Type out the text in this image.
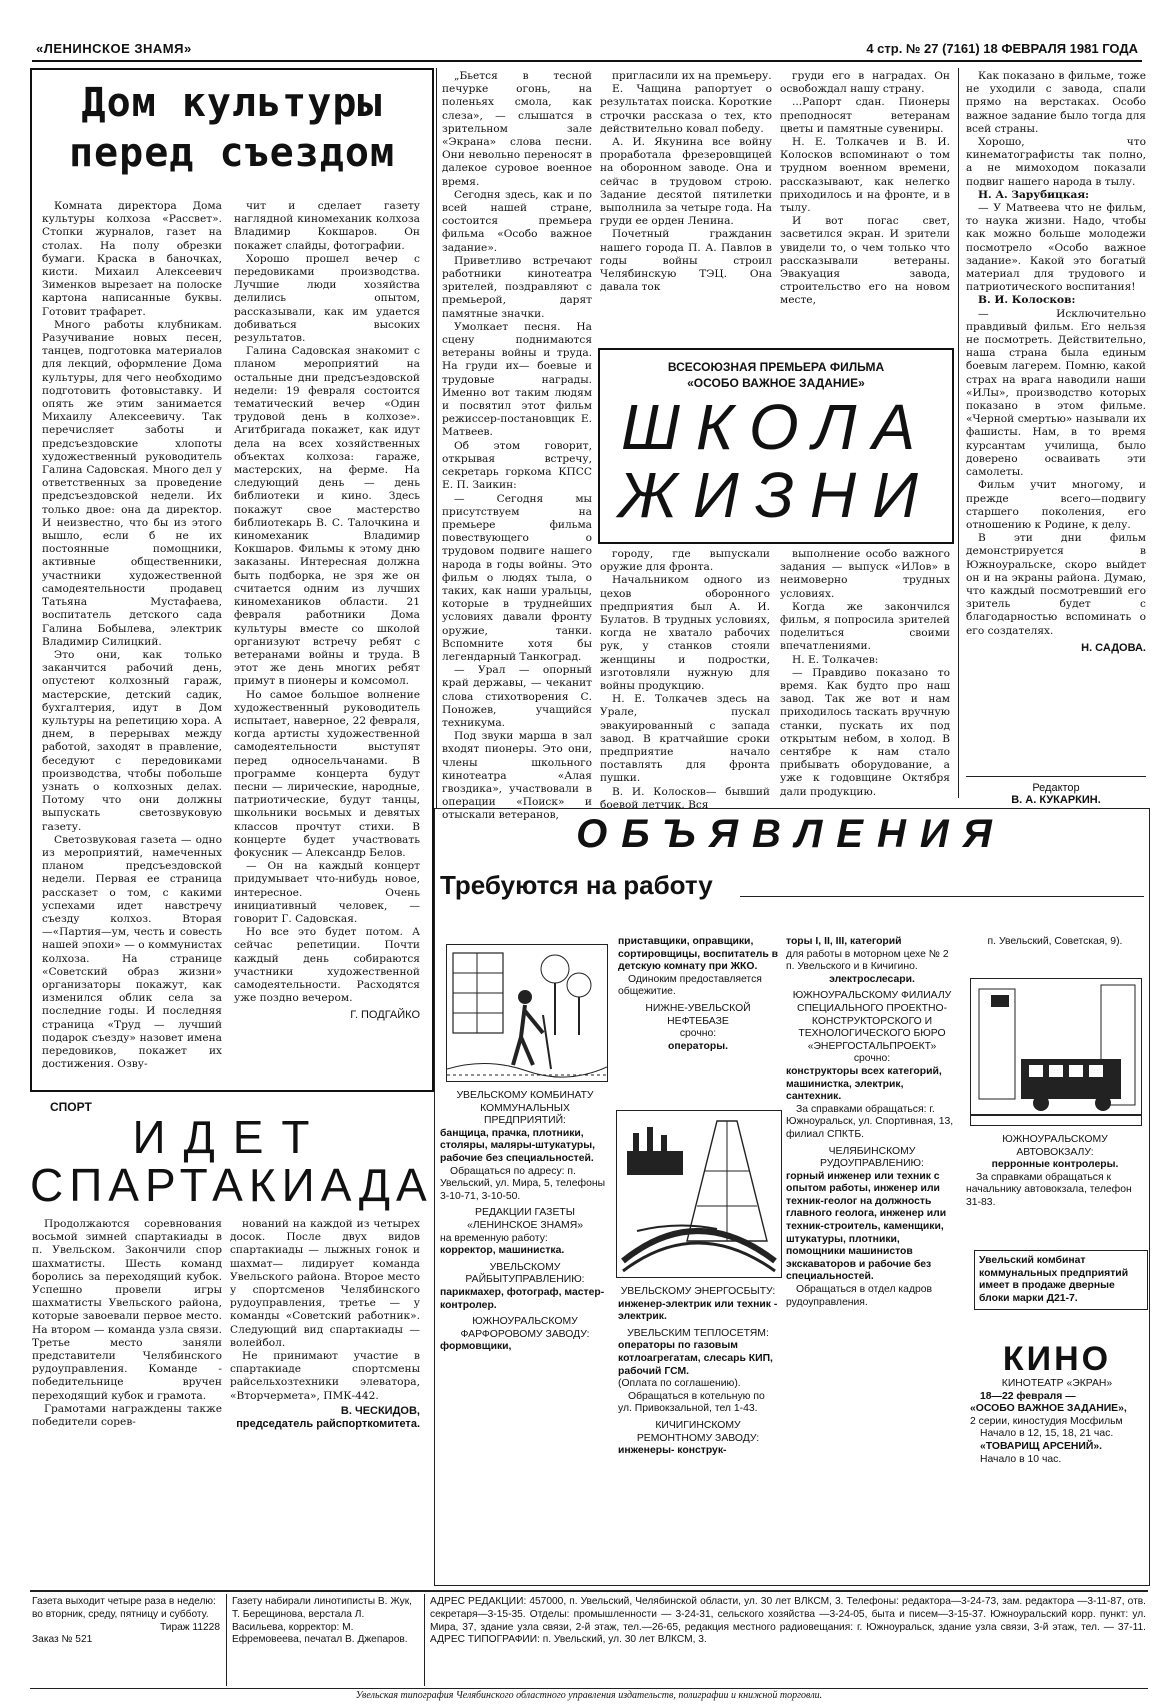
«ЛЕНИНСКОЕ ЗНАМЯ»	4 стр. № 27 (7161) 18 ФЕВРАЛЯ 1981 ГОДА
Дом культуры
перед съездом

Комната директора Дома культуры колхоза «Рассвет». Стопки журналов, газет на столах. На полу обрезки бумаги. Краска в баночках, кисти. Михаил Алексеевич Зименков вырезает на полоске картона написанные буквы. Готовит трафарет.

Много работы клубникам. Разучивание новых песен, танцев, подготовка материалов для лекций, оформление Дома культуры, для чего необходимо подготовить фотовыставку. И опять же этим занимается Михаилу Алексеевичу. Так перечисляет заботы и предсъездовские хлопоты художественный руководитель Галина Садовская. Много дел у ответственных за проведение предсъездовской недели. Их только двое: она да директор. И неизвестно, что бы из этого вышло, если б не их постоянные помощники, активные общественники, участники художественной самодеятельности продавец Татьяна Мустафаева, воспитатель детского сада Галина Бобылева, электрик Владимир Силицкий.

Это они, как только заканчится рабочий день, опустеют колхозный гараж, мастерские, детский садик, бухгалтерия, идут в Дом культуры на репетицию хора. А днем, в перерывах между работой, заходят в правление, беседуют с передовиками производства, чтобы побольше узнать о колхозных делах. Потому что они должны выпускать светозвуковую газету.

Светозвуковая газета — одно из мероприятий, намеченных планом предсъездовской недели. Первая ее страница рассказет о том, с какими успехами идет навстречу съезду колхоз. Вторая —«Партия—ум, честь и совесть нашей эпохи» — о коммунистах колхоза. На странице «Советский образ жизни» организаторы покажут, как изменился облик села за последние годы. И последняя страница «Труд — лучший подарок съезду» назовет имена передовиков, покажет их достижения. Озву-

чит и сделает газету наглядной киномеханик колхоза Владимир Кокшаров. Он покажет слайды, фотографии.

Хорошо прошел вечер с передовиками производства. Лучшие люди хозяйства делились опытом, рассказывали, как им удается добиваться высоких результатов.

Галина Садовская знакомит с планом мероприятий на остальные дни предсъездовской недели: 19 февраля состоится тематический вечер «Один трудовой день в колхозе». Агитбригада покажет, как идут дела на всех хозяйственных объектах колхоза: гараже, мастерских, на ферме. На следующий день — день библиотеки и кино. Здесь покажут свое мастерство библиотекарь В. С. Талочкина и киномеханик Владимир Кокшаров. Фильмы к этому дню заказаны. Интересная должна быть подборка, не зря же он считается одним из лучших киномехаников области. 21 февраля работники Дома культуры вместе со школой организуют встречу ребят с ветеранами войны и труда. В этот же день многих ребят примут в пионеры и комсомол.

Но самое большое волнение художественный руководитель испытает, наверное, 22 февраля, когда артисты художественной самодеятельности выступят перед односельчанами. В программе концерта будут песни — лирические, народные, патриотические, будут танцы, школьники восьмых и девятых классов прочтут стихи. В концерте будет участвовать фокусник — Александр Белов.

— Он на каждый концерт придумывает что-нибудь новое, интересное. Очень инициативный человек, — говорит Г. Садовская.

Но все это будет потом. А сейчас репетиции. Почти каждый день собираются участники художественной самодеятельности. Расходятся уже поздно вечером.

Г. ПОДГАЙКО

„Бьется в тесной печурке огонь, на поленьях смола, как слеза», — слышатся в зрительном зале «Экрана» слова песни. Они невольно переносят в далекое суровое военное время.

Сегодня здесь, как и по всей нашей стране, состоится премьера фильма «Особо важное задание».

Приветливо встречают работники кинотеатра зрителей, поздравляют с премьерой, дарят памятные значки.

Умолкает песня. На сцену поднимаются ветераны войны и труда. На груди их— боевые и трудовые награды. Именно вот таким людям и посвятил этот фильм режиссер-постановщик Е. Матвеев.

Об этом говорит, открывая встречу, секретарь горкома КПСС Е. П. Заикин:

— Сегодня мы присутствуем на премьере фильма повествующего о трудовом подвиге нашего народа в годы войны. Это фильм о людях тыла, о таких, как наши уральцы, которые в труднейших условиях давали фронту оружие, танки. Вспомните хотя бы легендарный Танкоград.

— Урал — опорный край державы, — чеканит слова стихотворения С. Поножев, учащийся техникума.

Под звуки марша в зал входят пионеры. Это они, члены школьного кинотеатра «Алая гвоздика», участвовали в операции «Поиск» и отыскали ветеранов,

пригласили их на премьеру.

Е. Чащина рапортует о результатах поиска. Короткие строчки рассказа о тех, кто действительно ковал победу.

А. И. Якунина все войну проработала фрезеровщицей на оборонном заводе. Она и сейчас в трудовом строю. Задание десятой пятилетки выполнила за четыре года. На груди ее орден Ленина.

Почетный гражданин нашего города П. А. Павлов в годы войны строил Челябинскую ТЭЦ. Она давала ток

груди его в наградах. Он освобождал нашу страну.

...Рапорт сдан. Пионеры преподносят ветеранам цветы и памятные сувениры.

Н. Е. Толкачев и В. И. Колосков вспоминают о том трудном военном времени, рассказывают, как нелегко приходилось и на фронте, и в тылу.

И вот погас свет, засветился экран. И зрители увидели то, о чем только что рассказывали ветераны. Эвакуация завода, строительство его на новом месте,

ВСЕСОЮЗНАЯ ПРЕМЬЕРА ФИЛЬМА
«ОСОБО ВАЖНОЕ ЗАДАНИЕ»
ШКОЛА
ЖИЗНИ

городу, где выпускали оружие для фронта.

Начальником одного из цехов оборонного предприятия был А. И. Булатов. В трудных условиях, когда не хватало рабочих рук, у станков стояли женщины и подростки, изготовляли нужную для войны продукцию.

Н. Е. Толкачев здесь на Урале, пускал эвакуированный с запада завод. В кратчайшие сроки предприятие начало поставлять для фронта пушки.

В. И. Колосков— бывший боевой летчик. Вся

выполнение особо важного задания — выпуск «ИЛов» в неимоверно трудных условиях.

Когда же закончился фильм, я попросила зрителей поделиться своими впечатлениями.

Н. Е. Толкачев:

— Правдиво показано то время. Как будто про наш завод. Так же вот и нам приходилось таскать вручную станки, пускать их под открытым небом, в холод. В сентябре к нам стало прибывать оборудование, а уже к годовщине Октября дали продукцию.

Как показано в фильме, тоже не уходили с завода, спали прямо на верстаках. Особо важное задание было тогда для всей страны.

Хорошо, что кинематографисты так полно, а не мимоходом показали подвиг нашего народа в тылу.

Н. А. Зарубицкая:

— У Матвеева что не фильм, то наука жизни. Надо, чтобы как можно больше молодежи посмотрело «Особо важное задание». Какой это богатый материал для трудового и патриотического воспитания!

В. И. Колосков:

— Исключительно правдивый фильм. Его нельзя не посмотреть. Действительно, наша страна была единым боевым лагерем. Помню, какой страх на врага наводили наши «ИЛы», производство которых показано в этом фильме. «Черной смертью» называли их фашисты. Нам, в то время курсантам училища, было доверено осваивать эти самолеты.

Фильм учит многому, и прежде всего—подвигу старшего поколения, его отношению к Родине, к делу.

В эти дни фильм демонстрируется в Южноуральске, скоро выйдет он и на экраны района. Думаю, что каждый посмотревший его зритель будет с благодарностью вспоминать о его создателях.

Н. САДОВА.
Редактор
В. А. КУКАРКИН.
СПОРТ
ИДЕТ
СПАРТАКИАДА

Продолжаются соревнования восьмой зимней спартакиады в п. Увельском. Закончили спор шахматисты. Шесть команд боролись за переходящий кубок. Успешно провели игры шахматисты Увельского района, которые завоевали первое место. На втором — команда узла связи. Третье место заняли представители Челябинского рудоуправления. Команде - победительнице вручен переходящий кубок и грамота.

Грамотами награждены также победители сорев-

нований на каждой из четырех досок. После двух видов спартакиады — лыжных гонок и шахмат— лидирует команда Увельского района. Второе место у спортсменов Челябинского рудоуправления, третье — у команды «Советский работник». Следующий вид спартакиады — волейбол.

Не принимают участие в спартакиаде спортсмены райсельхозтехники элеватора, «Вторчермета», ПМК-442.

В. ЧЕСКИДОВ,
председатель райспорткомитета.
ОБЪЯВЛЕНИЯ
Требуются на работу
УВЕЛЬСКОМУ КОМБИНАТУ КОММУНАЛЬНЫХ ПРЕДПРИЯТИЙ:
банщица, прачка, плотники, столяры, маляры-штукатуры, рабочие без специальностей.
Обращаться по адресу: п. Увельский, ул. Мира, 5, телефоны 3-10-71, 3-10-50.
РЕДАКЦИИ ГАЗЕТЫ «ЛЕНИНСКОЕ ЗНАМЯ»
на временную работу:
корректор, машинистка.
УВЕЛЬСКОМУ РАЙБЫТУПРАВЛЕНИЮ:
парикмахер, фотограф, мастер-контролер.
ЮЖНОУРАЛЬСКОМУ ФАРФОРОВОМУ ЗАВОДУ:
формовщики,
приставщики, оправщики, сортировщицы, воспитатель в детскую комнату при ЖКО.
Одиноким предоставляется общежитие.
НИЖНЕ-УВЕЛЬСКОЙ НЕФТЕБАЗЕ
срочно:
операторы.
УВЕЛЬСКОМУ ЭНЕРГОСБЫТУ:
инженер-электрик или техник - электрик.
УВЕЛЬСКИМ ТЕПЛОСЕТЯМ:
операторы по газовым котлоагрегатам, слесарь КИП, рабочий ГСМ.
(Оплата по соглашению).
Обращаться в котельную по ул. Привокзальной, тел 1-43.
КИЧИГИНСКОМУ РЕМОНТНОМУ ЗАВОДУ:
инженеры- конструк-
торы I, II, III, категорий
для работы в моторном цехе № 2 п. Увельского и в Кичигино.
электрослесари.
ЮЖНОУРАЛЬСКОМУ ФИЛИАЛУ СПЕЦИАЛЬНОГО ПРОЕКТНО-КОНСТРУКТОРСКОГО И ТЕХНОЛОГИЧЕСКОГО БЮРО «ЭНЕРГОСТАЛЬПРОЕКТ»
срочно:
конструкторы всех категорий, машинистка, электрик, сантехник.
За справками обращаться: г. Южноуральск, ул. Спортивная, 13, филиал СПКТБ.
ЧЕЛЯБИНСКОМУ РУДОУПРАВЛЕНИЮ:
горный инженер или техник с опытом работы, инженер или техник-геолог на должность главного геолога, инженер или техник-строитель, каменщики, штукатуры, плотники, помощники машинистов экскаваторов и рабочие без специальностей.
Обращаться в отдел кадров рудоуправления.
п. Увельский, Советская, 9).
ЮЖНОУРАЛЬСКОМУ АВТОВОКЗАЛУ:
перронные контролеры.
За справками обращаться к начальнику автовокзала, телефон 31-83.
Увельский комбинат коммунальных предприятий имеет в продаже дверные блоки марки Д21-7.
КИНО
КИНОТЕАТР «ЭКРАН»
18—22 февраля —
«ОСОБО ВАЖНОЕ ЗАДАНИЕ»,
2 серии, киностудия Мосфильм
Начало в 12, 15, 18, 21 час.
«ТОВАРИЩ АРСЕНИЙ».
Начало в 10 час.
Газета выходит четыре раза в неделю: во вторник, среду, пятницу и субботу.
Тираж 11228
Заказ № 521
Газету набирали линотиписты В. Жук, Т. Берещинова, верстала Л. Васильева, корректор: М. Ефремовеева, печатал В. Джепаров.
АДРЕС РЕДАКЦИИ: 457000, п. Увельский, Челябинской области, ул. 30 лет ВЛКСМ, 3. Телефоны: редактора—3-24-73, зам. редактора —3-11-87, отв. секретаря—3-15-35. Отделы: промышленности — 3-24-31, сельского хозяйства —3-24-05, быта и писем—3-15-37. Южноуральский корр. пункт: ул. Мира, 37, здание узла связи, 2-й этаж, тел.—26-65, редакция местного радиовещания: г. Южноуральск, здание узла связи, 3-й этаж, тел. — 37-11. АДРЕС ТИПОГРАФИИ: п. Увельский, ул. 30 лет ВЛКСМ, 3.
Увельская типография Челябинского областного управления издательств, полиграфии и книжной торговли.
